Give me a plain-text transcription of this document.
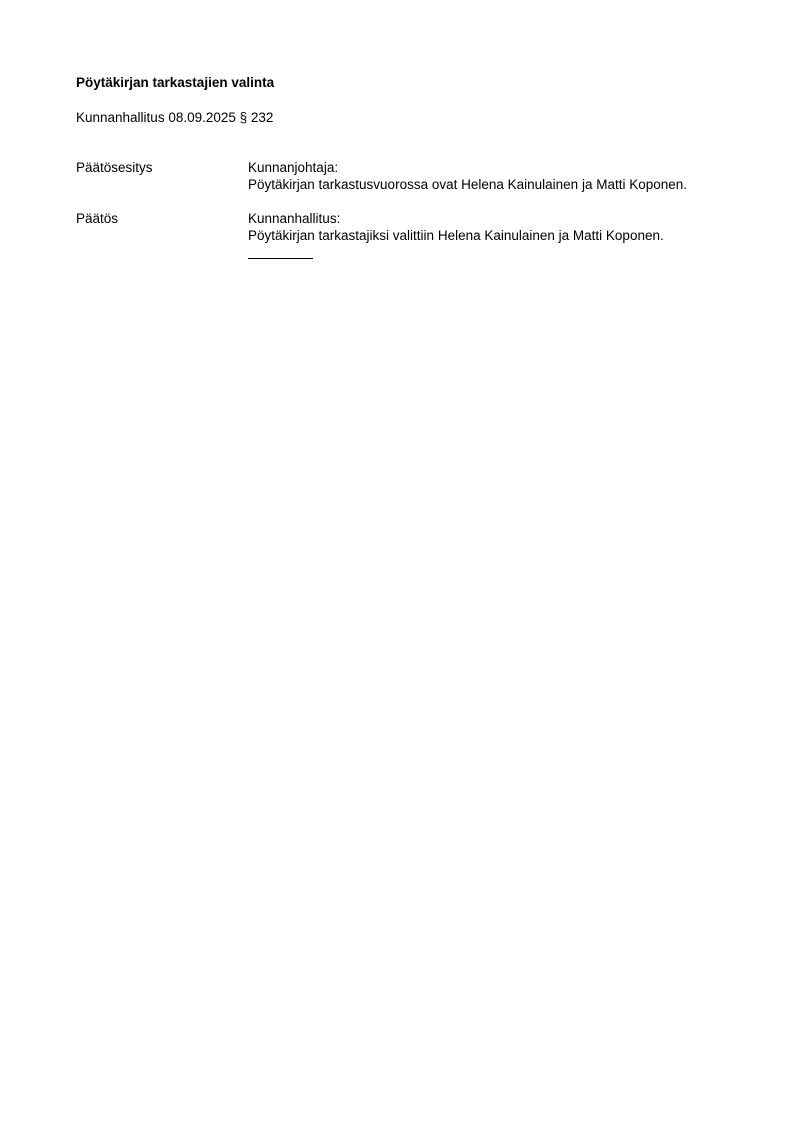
Pöytäkirjan tarkastajien valinta
Kunnanhallitus 08.09.2025 § 232
Päätösesitys	Kunnanjohtaja:
Pöytäkirjan tarkastusvuorossa ovat Helena Kainulainen ja Matti Koponen.
Päätös	Kunnanhallitus:
Pöytäkirjan tarkastajiksi valittiin Helena Kainulainen ja Matti Koponen.
